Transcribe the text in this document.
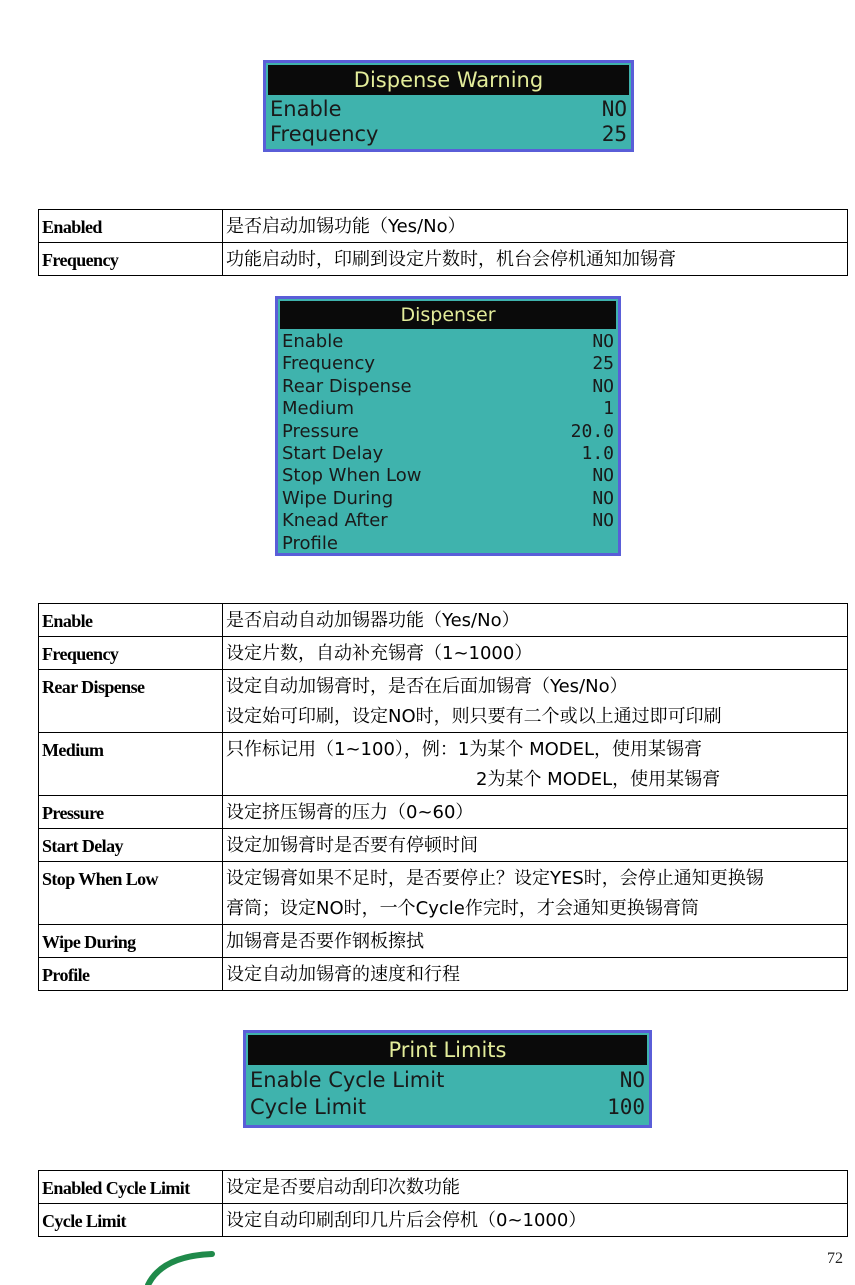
Dispense Warning
Enable	NO
Frequency	25
Enabled	是否启动加锡功能（Yes/No）

Frequency	功能启动时，印刷到设定片数时，机台会停机通知加锡膏
Dispenser
Enable	NO
Frequency	25
Rear Dispense	NO
Medium	1
Pressure	20.0
Start Delay	1.0
Stop When Low	NO
Wipe During	NO
Knead After	NO
Profile
Enable	是否启动自动加锡器功能（Yes/No）

Frequency	设定片数，自动补充锡膏（1~1000）

Rear Dispense	设定自动加锡膏时，是否在后面加锡膏（Yes/No）
设定始可印刷，设定NO时，则只要有二个或以上通过即可印刷

Medium	只作标记用（1~100），例：1为某个 MODEL，使用某锡膏
2为某个 MODEL，使用某锡膏

Pressure	设定挤压锡膏的压力（0~60）

Start Delay	设定加锡膏时是否要有停顿时间

Stop When Low	设定锡膏如果不足时，是否要停止？设定YES时，会停止通知更换锡
膏筒；设定NO时，一个Cycle作完时，才会通知更换锡膏筒

Wipe During	加锡膏是否要作钢板擦拭

Profile	设定自动加锡膏的速度和行程
Print Limits
Enable Cycle Limit	NO
Cycle Limit	100
Enabled Cycle Limit	设定是否要启动刮印次数功能

Cycle Limit	设定自动印刷刮印几片后会停机（0~1000）
72
